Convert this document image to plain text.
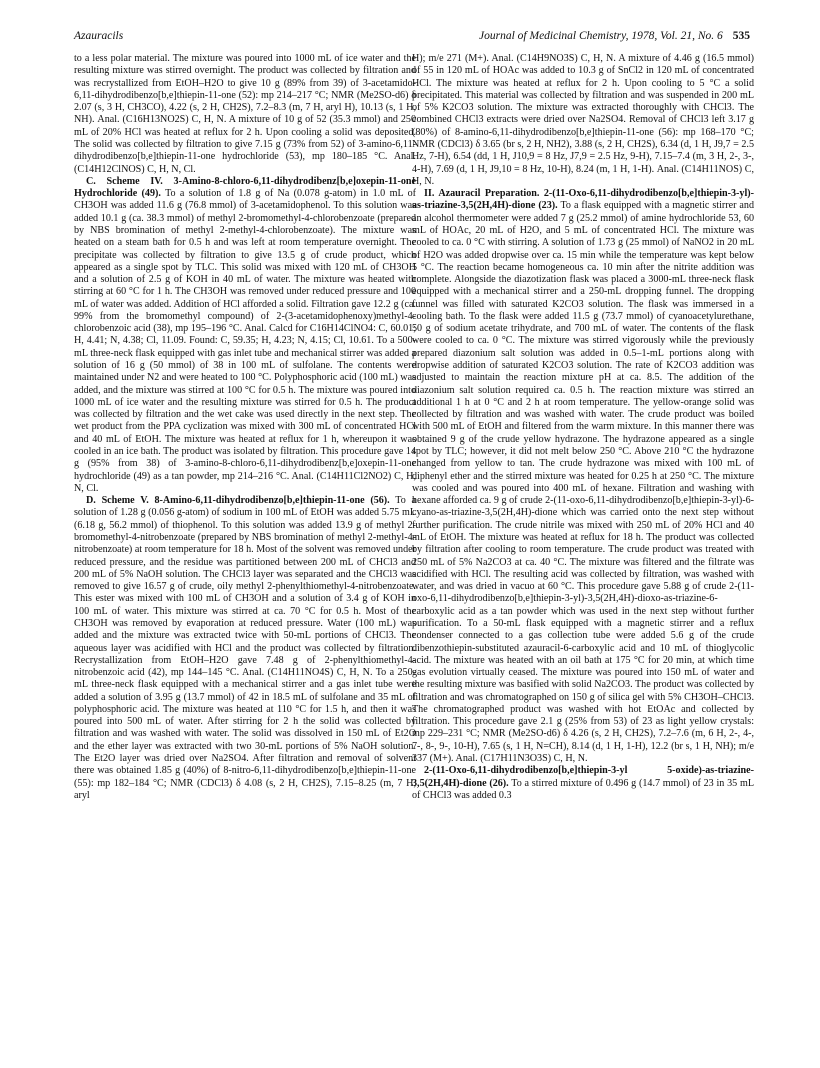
Azauracils	Journal of Medicinal Chemistry, 1978, Vol. 21, No. 6 535

to a less polar material. The mixture was poured into 1000 mL of ice water and the resulting mixture was stirred overnight. The product was collected by filtration and was recrystallized from EtOH–H2O to give 10 g (89% from 39) of 3-acetamido-6,11-dihydrodibenzo[b,e]thiepin-11-one (52): mp 214–217 °C; NMR (Me2SO-d6) δ 2.07 (s, 3 H, CH3CO), 4.22 (s, 2 H, CH2S), 7.2–8.3 (m, 7 H, aryl H), 10.13 (s, 1 H, NH). Anal. (C16H13NO2S) C, H, N. A mixture of 10 g of 52 (35.3 mmol) and 250 mL of 20% HCl was heated at reflux for 2 h. Upon cooling a solid was deposited. The solid was collected by filtration to give 7.15 g (73% from 52) of 3-amino-6,11-dihydrodibenzo[b,e]thiepin-11-one hydrochloride (53), mp 180–185 °C. Anal. (C14H12ClNOS) C, H, N, Cl.

C. Scheme IV. 3-Amino-8-chloro-6,11-dihydrodibenz[b,e]oxepin-11-one Hydrochloride (49). To a solution of 1.8 g of Na (0.078 g-atom) in 1.0 mL of CH3OH was added 11.6 g (76.8 mmol) of 3-acetamidophenol. To this solution was added 10.1 g (ca. 38.3 mmol) of methyl 2-bromomethyl-4-chlorobenzoate (prepared by NBS bromination of methyl 2-methyl-4-chlorobenzoate). The mixture was heated on a steam bath for 0.5 h and was left at room temperature overnight. The precipitate was collected by filtration to give 13.5 g of crude product, which appeared as a single spot by TLC. This solid was mixed with 120 mL of CH3OH and a solution of 2.5 g of KOH in 40 mL of water. The mixture was heated with stirring at 60 °C for 1 h. The CH3OH was removed under reduced pressure and 100 mL of water was added. Addition of HCl afforded a solid. Filtration gave 12.2 g (ca. 99% from the bromomethyl compound) of 2-(3-acetamidophenoxy)methyl-4-chlorobenzoic acid (38), mp 195–196 °C. Anal. Calcd for C16H14ClNO4: C, 60.01; H, 4.41; N, 4.38; Cl, 11.09. Found: C, 59.35; H, 4.23; N, 4.15; Cl, 10.61. To a 500-mL three-neck flask equipped with gas inlet tube and mechanical stirrer was added a solution of 16 g (50 mmol) of 38 in 100 mL of sulfolane. The contents were maintained under N2 and were heated to 100 °C. Polyphosphoric acid (100 mL) was added, and the mixture was stirred at 100 °C for 0.5 h. The mixture was poured into 1000 mL of ice water and the resulting mixture was stirred for 0.5 h. The product was collected by filtration and the wet cake was used directly in the next step. The wet product from the PPA cyclization was mixed with 300 mL of concentrated HCl and 40 mL of EtOH. The mixture was heated at reflux for 1 h, whereupon it was cooled in an ice bath. The product was isolated by filtration. This procedure gave 14 g (95% from 38) of 3-amino-8-chloro-6,11-dihydrodibenz[b,e]oxepin-11-one hydrochloride (49) as a tan powder, mp 214–216 °C. Anal. (C14H11Cl2NO2) C, H, N, Cl.

D. Scheme V. 8-Amino-6,11-dihydrodibenzo[b,e]thiepin-11-one (56). To a solution of 1.28 g (0.056 g-atom) of sodium in 100 mL of EtOH was added 5.75 mL (6.18 g, 56.2 mmol) of thiophenol. To this solution was added 13.9 g of methyl 2-bromomethyl-4-nitrobenzoate (prepared by NBS bromination of methyl 2-methyl-4-nitrobenzoate) at room temperature for 18 h. Most of the solvent was removed under reduced pressure, and the residue was partitioned between 200 mL of CHCl3 and 200 mL of 5% NaOH solution. The CHCl3 layer was separated and the CHCl3 was removed to give 16.57 g of crude, oily methyl 2-phenylthiomethyl-4-nitrobenzoate. This ester was mixed with 100 mL of CH3OH and a solution of 3.4 g of KOH in 100 mL of water. This mixture was stirred at ca. 70 °C for 0.5 h. Most of the CH3OH was removed by evaporation at reduced pressure. Water (100 mL) was added and the mixture was extracted twice with 50-mL portions of CHCl3. The aqueous layer was acidified with HCl and the product was collected by filtration. Recrystallization from EtOH–H2O gave 7.48 g of 2-phenylthiomethyl-4-nitrobenzoic acid (42), mp 144–145 °C. Anal. (C14H11NO4S) C, H, N. To a 250-mL three-neck flask equipped with a mechanical stirrer and a gas inlet tube were added a solution of 3.95 g (13.7 mmol) of 42 in 18.5 mL of sulfolane and 35 mL of polyphosphoric acid. The mixture was heated at 110 °C for 1.5 h, and then it was poured into 500 mL of water. After stirring for 2 h the solid was collected by filtration and was washed with water. The solid was dissolved in 150 mL of Et2O and the ether layer was extracted with two 30-mL portions of 5% NaOH solution. The Et2O layer was dried over Na2SO4. After filtration and removal of solvent there was obtained 1.85 g (40%) of 8-nitro-6,11-dihydrodibenzo[b,e]thiepin-11-one (55): mp 182–184 °C; NMR (CDCl3) δ 4.08 (s, 2 H, CH2S), 7.15–8.25 (m, 7 H, aryl

H); m/e 271 (M+). Anal. (C14H9NO3S) C, H, N. A mixture of 4.46 g (16.5 mmol) of 55 in 120 mL of HOAc was added to 10.3 g of SnCl2 in 120 mL of concentrated HCl. The mixture was heated at reflux for 2 h. Upon cooling to 5 °C a solid precipitated. This material was collected by filtration and was suspended in 200 mL of 5% K2CO3 solution. The mixture was extracted thoroughly with CHCl3. The combined CHCl3 extracts were dried over Na2SO4. Removal of CHCl3 left 3.17 g (80%) of 8-amino-6,11-dihydrodibenzo[b,e]thiepin-11-one (56): mp 168–170 °C; NMR (CDCl3) δ 3.65 (br s, 2 H, NH2), 3.88 (s, 2 H, CH2S), 6.34 (d, 1 H, J9,7 = 2.5 Hz, 7-H), 6.54 (dd, 1 H, J10,9 = 8 Hz, J7,9 = 2.5 Hz, 9-H), 7.15–7.4 (m, 3 H, 2-, 3-, 4-H), 7.69 (d, 1 H, J9,10 = 8 Hz, 10-H), 8.24 (m, 1 H, 1-H). Anal. (C14H11NOS) C, H, N.

II. Azauracil Preparation. 2-(11-Oxo-6,11-dihydrodibenzo[b,e]thiepin-3-yl)-as-triazine-3,5(2H,4H)-dione (23). To a flask equipped with a magnetic stirrer and an alcohol thermometer were added 7 g (25.2 mmol) of amine hydrochloride 53, 60 mL of HOAc, 20 mL of H2O, and 5 mL of concentrated HCl. The mixture was cooled to ca. 0 °C with stirring. A solution of 1.73 g (25 mmol) of NaNO2 in 20 mL of H2O was added dropwise over ca. 15 min while the temperature was kept below 5 °C. The reaction became homogeneous ca. 10 min after the nitrite addition was complete. Alongside the diazotization flask was placed a 3000-mL three-neck flask equipped with a mechanical stirrer and a 250-mL dropping funnel. The dropping funnel was filled with saturated K2CO3 solution. The flask was immersed in a cooling bath. To the flask were added 11.5 g (73.7 mmol) of cyanoacetylurethane, 50 g of sodium acetate trihydrate, and 700 mL of water. The contents of the flask were cooled to ca. 0 °C. The mixture was stirred vigorously while the previously prepared diazonium salt solution was added in 0.5–1-mL portions along with dropwise addition of saturated K2CO3 solution. The rate of K2CO3 addition was adjusted to maintain the reaction mixture pH at ca. 8.5. The addition of the diazonium salt solution required ca. 0.5 h. The reaction mixture was stirred an additional 1 h at 0 °C and 2 h at room temperature. The yellow-orange solid was collected by filtration and was washed with water. The crude product was boiled with 500 mL of EtOH and filtered from the warm mixture. In this manner there was obtained 9 g of the crude yellow hydrazone. The hydrazone appeared as a single spot by TLC; however, it did not melt below 250 °C. Above 210 °C the hydrazone changed from yellow to tan. The crude hydrazone was mixed with 100 mL of diphenyl ether and the stirred mixture was heated for 0.25 h at 250 °C. The mixture was cooled and was poured into 400 mL of hexane. Filtration and washing with hexane afforded ca. 9 g of crude 2-(11-oxo-6,11-dihydrodibenzo[b,e]thiepin-3-yl)-6-cyano-as-triazine-3,5(2H,4H)-dione which was carried onto the next step without further purification. The crude nitrile was mixed with 250 mL of 20% HCl and 40 mL of EtOH. The mixture was heated at reflux for 18 h. The product was collected by filtration after cooling to room temperature. The crude product was treated with 250 mL of 5% Na2CO3 at ca. 40 °C. The mixture was filtered and the filtrate was acidified with HCl. The resulting acid was collected by filtration, was washed with water, and was dried in vacuo at 60 °C. This procedure gave 5.88 g of crude 2-(11-oxo-6,11-dihydrodibenzo[b,e]thiepin-3-yl)-3,5(2H,4H)-dioxo-as-triazine-6-carboxylic acid as a tan powder which was used in the next step without further purification. To a 50-mL flask equipped with a magnetic stirrer and a reflux condenser connected to a gas collection tube were added 5.6 g of the crude dibenzothiepin-substituted azauracil-6-carboxylic acid and 10 mL of thioglycolic acid. The mixture was heated with an oil bath at 175 °C for 20 min, at which time gas evolution virtually ceased. The mixture was poured into 150 mL of water and the resulting mixture was basified with solid Na2CO3. The product was collected by filtration and was chromatographed on 150 g of silica gel with 5% CH3OH–CHCl3. The chromatographed product was washed with hot EtOAc and collected by filtration. This procedure gave 2.1 g (25% from 53) of 23 as light yellow crystals: mp 229–231 °C; NMR (Me2SO-d6) δ 4.26 (s, 2 H, CH2S), 7.2–7.6 (m, 6 H, 2-, 4-, 7-, 8-, 9-, 10-H), 7.65 (s, 1 H, N=CH), 8.14 (d, 1 H, 1-H), 12.2 (br s, 1 H, NH); m/e 337 (M+). Anal. (C17H11N3O3S) C, H, N.

2-(11-Oxo-6,11-dihydrodibenzo[b,e]thiepin-3-yl 5-oxide)-as-triazine-3,5(2H,4H)-dione (26). To a stirred mixture of 0.496 g (14.7 mmol) of 23 in 35 mL of CHCl3 was added 0.3
